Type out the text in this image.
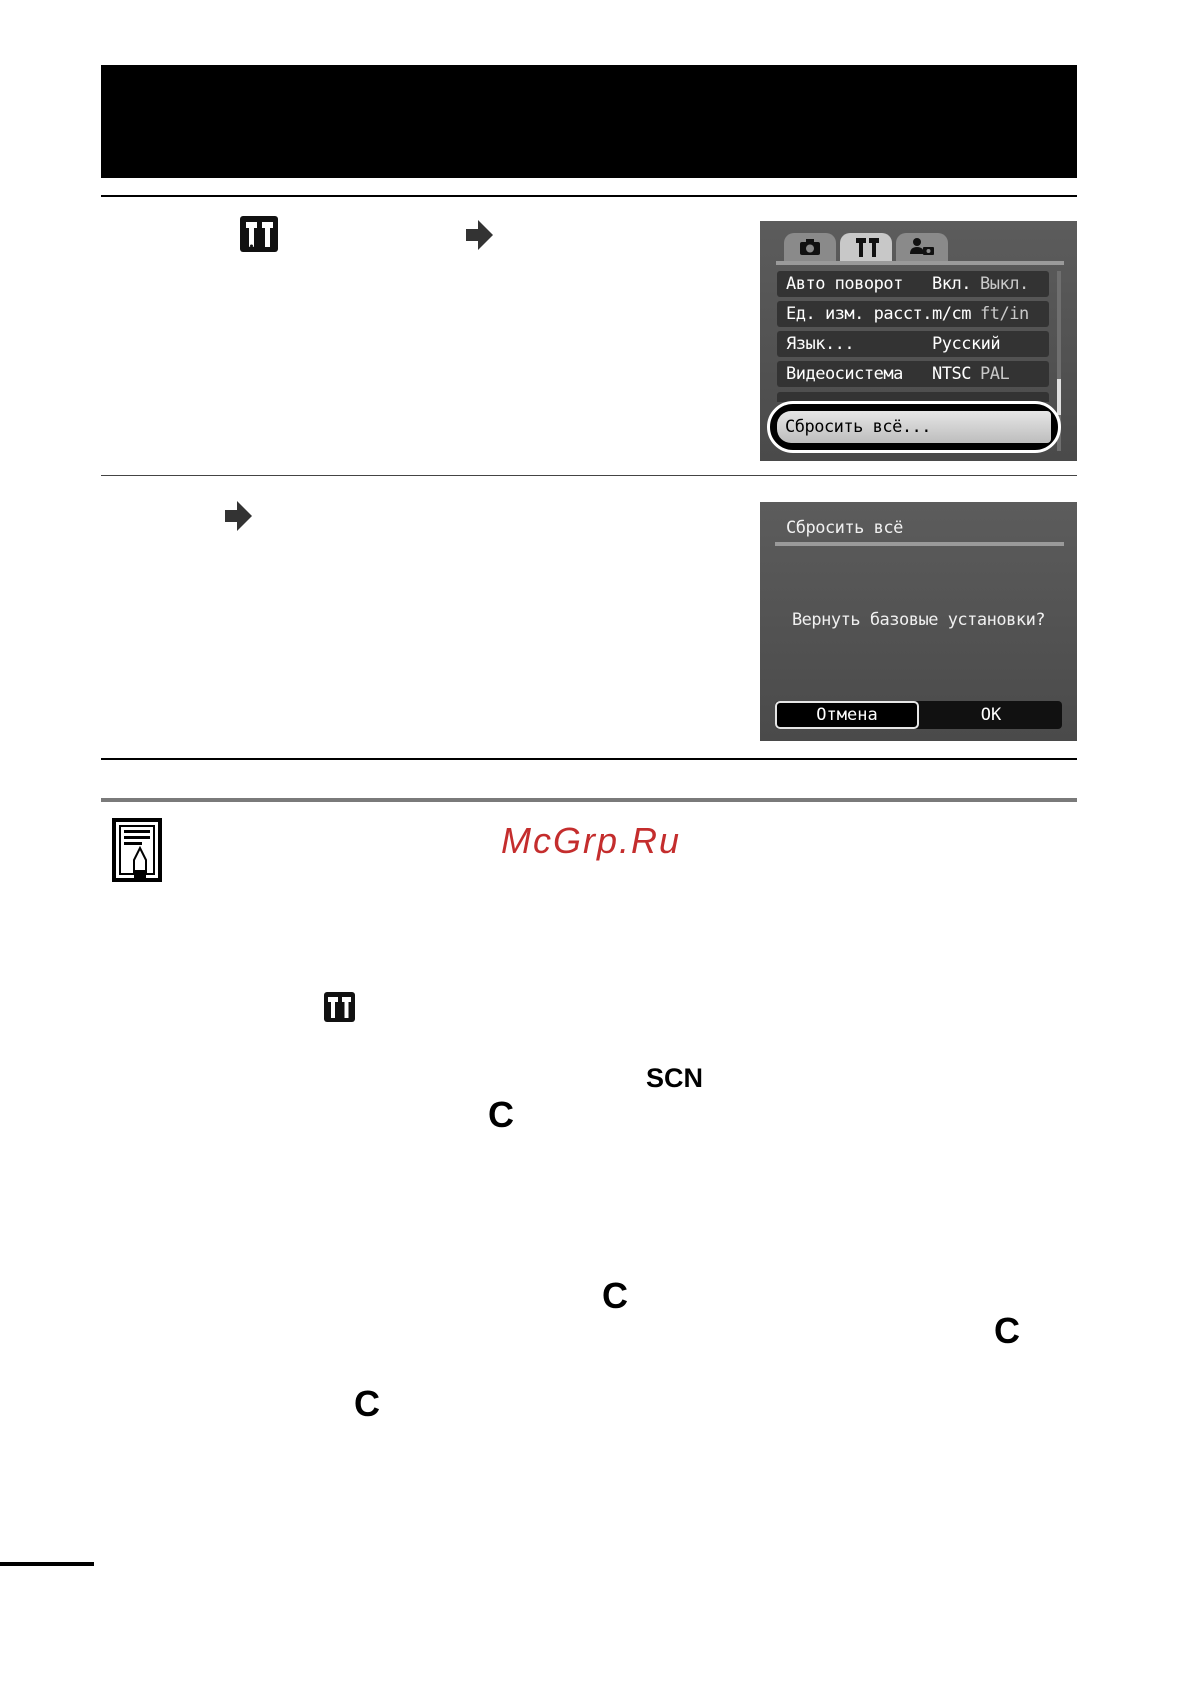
Авто поворот Вкл. Выкл.
Ед. изм. расст. m/cm ft/in
Язык...	Русский
Видеосистема NTSC PAL
Сбросить всё...
Сбросить всё
Вернуть базовые установки?
Отмена	OK
McGrp.Ru
SCN
C
C
C
C
